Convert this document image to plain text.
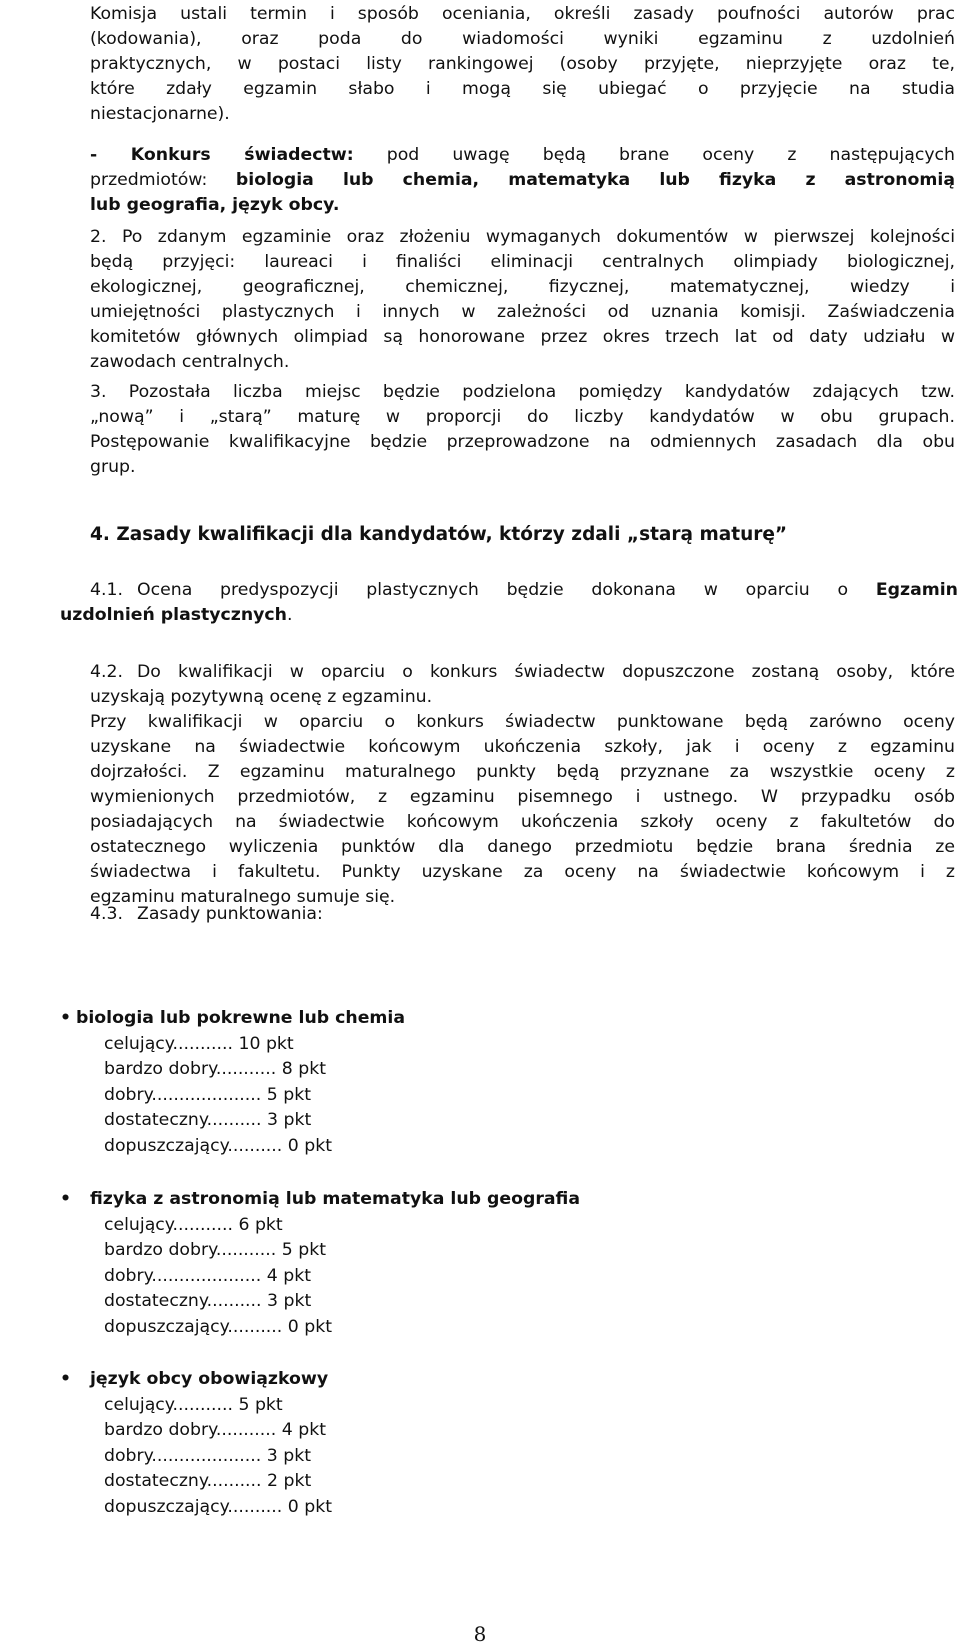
Komisja ustali termin i sposób oceniania, określi zasady poufności autorów prac
(kodowania), oraz poda do wiadomości wyniki egzaminu z uzdolnień
praktycznych, w postaci listy rankingowej (osoby przyjęte, nieprzyjęte oraz te,
które zdały egzamin słabo i mogą się ubiegać o przyjęcie na studia
niestacjonarne).
- Konkurs świadectw: pod uwagę będą brane oceny z następujących
przedmiotów: biologia lub chemia, matematyka lub fizyka z astronomią
lub geografia, język obcy.
2. Po zdanym egzaminie oraz złożeniu wymaganych dokumentów w pierwszej kolejności
będą przyjęci: laureaci i finaliści eliminacji centralnych olimpiady biologicznej,
ekologicznej, geograficznej, chemicznej, fizycznej, matematycznej, wiedzy i
umiejętności plastycznych i innych w zależności od uznania komisji. Zaświadczenia
komitetów głównych olimpiad są honorowane przez okres trzech lat od daty udziału w
zawodach centralnych.
3. Pozostała liczba miejsc będzie podzielona pomiędzy kandydatów zdających tzw.
„nową” i „starą” maturę w proporcji do liczby kandydatów w obu grupach.
Postępowanie kwalifikacyjne będzie przeprowadzone na odmiennych zasadach dla obu
grup.
4. Zasady kwalifikacji dla kandydatów, którzy zdali „starą maturę”
4.1. Ocena predyspozycji plastycznych będzie dokonana w oparciu o Egzamin
uzdolnień plastycznych.
4.2. Do kwalifikacji w oparciu o konkurs świadectw dopuszczone zostaną osoby, które
uzyskają pozytywną ocenę z egzaminu.
Przy kwalifikacji w oparciu o konkurs świadectw punktowane będą zarówno oceny
uzyskane na świadectwie końcowym ukończenia szkoły, jak i oceny z egzaminu
dojrzałości. Z egzaminu maturalnego punkty będą przyznane za wszystkie oceny z
wymienionych przedmiotów, z egzaminu pisemnego i ustnego. W przypadku osób
posiadających na świadectwie końcowym ukończenia szkoły oceny z fakultetów do
ostatecznego wyliczenia punktów dla danego przedmiotu będzie brana średnia ze
świadectwa i fakultetu. Punkty uzyskane za oceny na świadectwie końcowym i z
egzaminu maturalnego sumuje się.
4.3. Zasady punktowania:
• biologia lub pokrewne lub chemia
celujący........... 10 pkt
bardzo dobry........... 8 pkt
dobry.................... 5 pkt
dostateczny.......... 3 pkt
dopuszczający.......... 0 pkt
• fizyka z astronomią lub matematyka lub geografia
celujący........... 6 pkt
bardzo dobry........... 5 pkt
dobry.................... 4 pkt
dostateczny.......... 3 pkt
dopuszczający.......... 0 pkt
• język obcy obowiązkowy
celujący........... 5 pkt
bardzo dobry........... 4 pkt
dobry.................... 3 pkt
dostateczny.......... 2 pkt
dopuszczający.......... 0 pkt
8
